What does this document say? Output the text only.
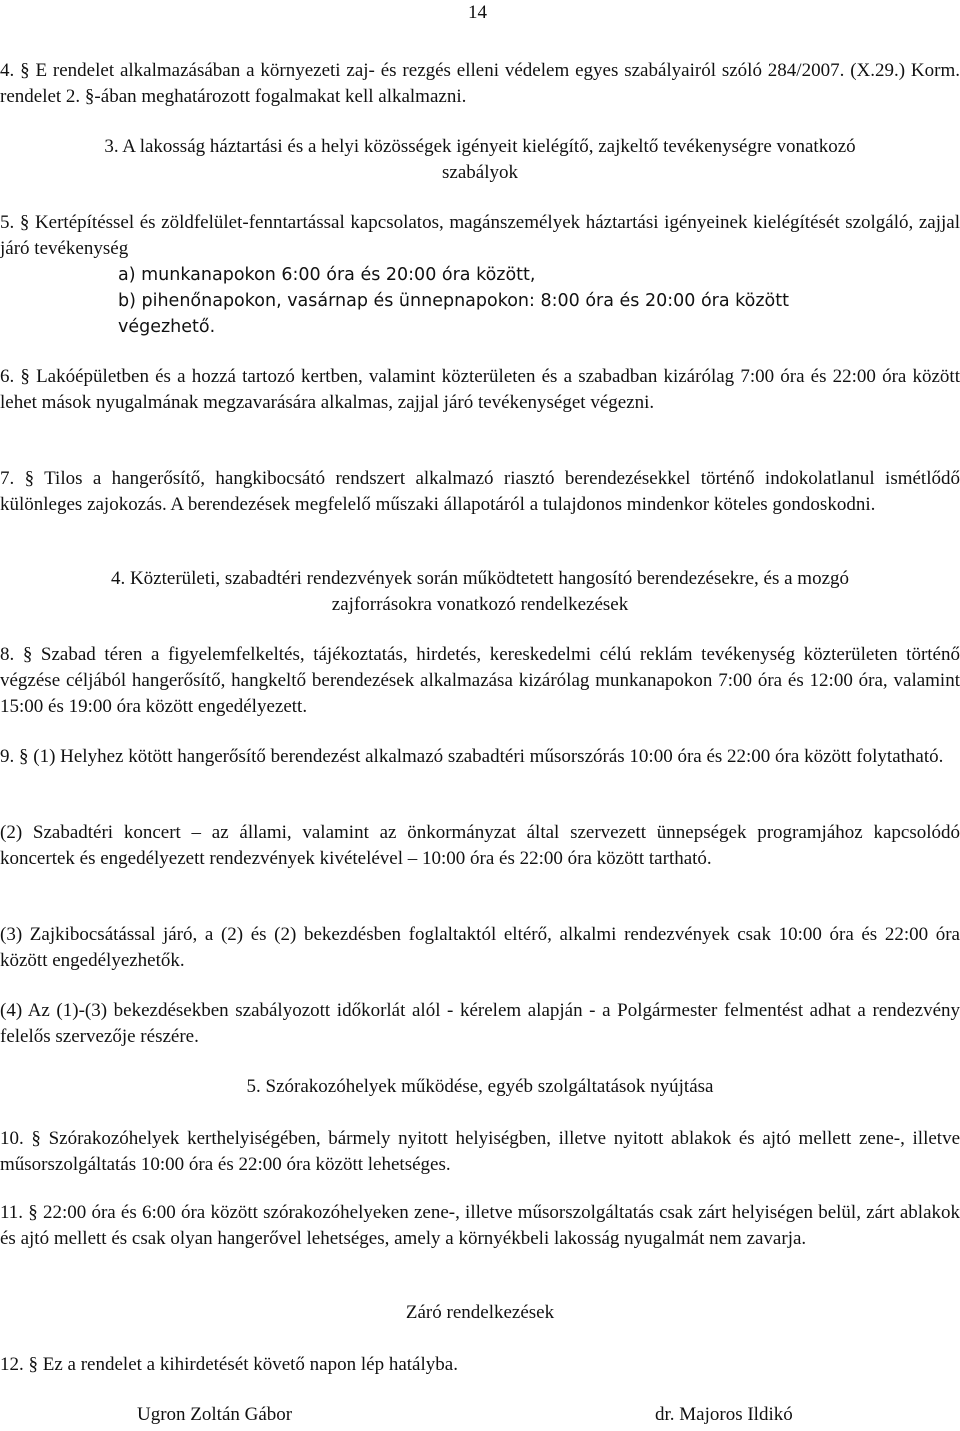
14

4. § E rendelet alkalmazásában a környezeti zaj- és rezgés elleni védelem egyes szabályairól szóló 284/2007. (X.29.) Korm. rendelet 2. §-ában meghatározott fogalmakat kell alkalmazni.

3. A lakosság háztartási és a helyi közösségek igényeit kielégítő, zajkeltő tevékenységre vonatkozó
szabályok

5. § Kertépítéssel és zöldfelület-fenntartással kapcsolatos, magánszemélyek háztartási igényeinek kielégítését szolgáló, zajjal járó tevékenység

a) munkanapokon 6:00 óra és 20:00 óra között,
b) pihenőnapokon, vasárnap és ünnepnapokon: 8:00 óra és 20:00 óra között
végezhető.

6. § Lakóépületben és a hozzá tartozó kertben, valamint közterületen és a szabadban kizárólag 7:00 óra és 22:00 óra között lehet mások nyugalmának megzavarására alkalmas, zajjal járó tevékenységet végezni.

7. § Tilos a hangerősítő, hangkibocsátó rendszert alkalmazó riasztó berendezésekkel történő indokolatlanul ismétlődő különleges zajokozás. A berendezések megfelelő műszaki állapotáról a tulajdonos mindenkor köteles gondoskodni.

4. Közterületi, szabadtéri rendezvények során működtetett hangosító berendezésekre, és a mozgó
zajforrásokra vonatkozó rendelkezések

8. § Szabad téren a figyelemfelkeltés, tájékoztatás, hirdetés, kereskedelmi célú reklám tevékenység közterületen történő végzése céljából hangerősítő, hangkeltő berendezések alkalmazása kizárólag munkanapokon 7:00 óra és 12:00 óra, valamint 15:00 és 19:00 óra között engedélyezett.

9. § (1) Helyhez kötött hangerősítő berendezést alkalmazó szabadtéri műsorszórás 10:00 óra és 22:00 óra között folytatható.

(2) Szabadtéri koncert – az állami, valamint az önkormányzat által szervezett ünnepségek programjához kapcsolódó koncertek és engedélyezett rendezvények kivételével – 10:00 óra és 22:00 óra között tartható.

(3) Zajkibocsátással járó, a (2) és (2) bekezdésben foglaltaktól eltérő, alkalmi rendezvények csak 10:00 óra és 22:00 óra között engedélyezhetők.

(4) Az (1)-(3) bekezdésekben szabályozott időkorlát alól - kérelem alapján - a Polgármester felmentést adhat a rendezvény felelős szervezője részére.

5. Szórakozóhelyek működése, egyéb szolgáltatások nyújtása

10. § Szórakozóhelyek kerthelyiségében, bármely nyitott helyiségben, illetve nyitott ablakok és ajtó mellett zene-, illetve műsorszolgáltatás 10:00 óra és 22:00 óra között lehetséges.

11. § 22:00 óra és 6:00 óra között szórakozóhelyeken zene-, illetve műsorszolgáltatás csak zárt helyiségen belül, zárt ablakok és ajtó mellett és csak olyan hangerővel lehetséges, amely a környékbeli lakosság nyugalmát nem zavarja.

Záró rendelkezések

12. § Ez a rendelet a kihirdetését követő napon lép hatályba.

Ugron Zoltán Gábor	dr. Majoros Ildikó
